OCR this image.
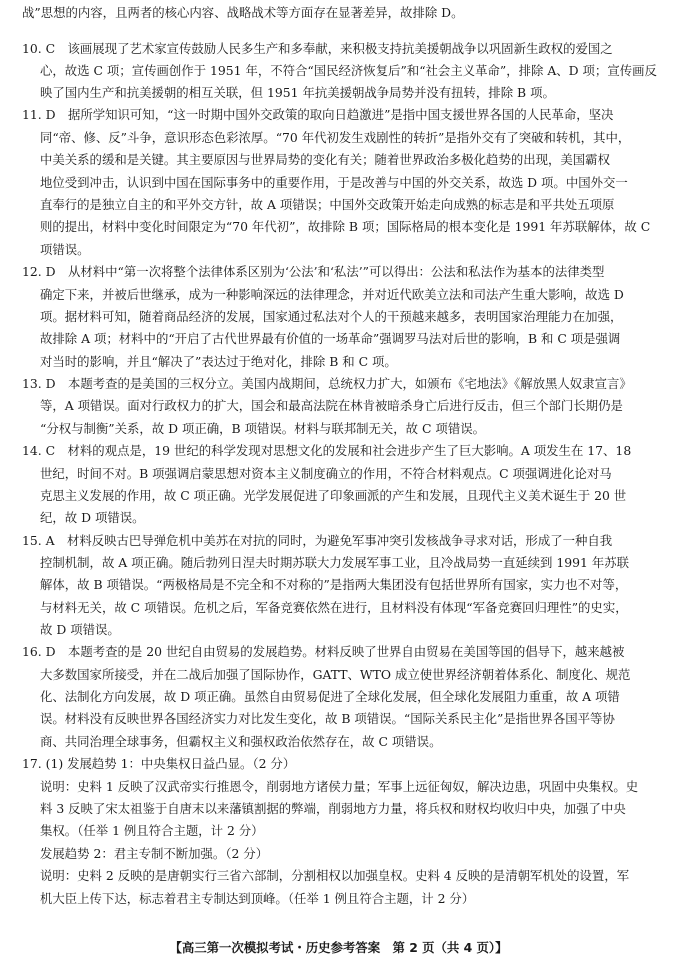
战”思想的内容，且两者的核心内容、战略战术等方面存在显著差异，故排除 D。
10. C　该画展现了艺术家宣传鼓励人民多生产和多奉献，来积极支持抗美援朝战争以巩固新生政权的爱国之
心，故选 C 项；宣传画创作于 1951 年，不符合“国民经济恢复后”和“社会主义革命”，排除 A、D 项；宣传画反
映了国内生产和抗美援朝的相互关联，但 1951 年抗美援朝战争局势并没有扭转，排除 B 项。
11. D　据所学知识可知，“这一时期中国外交政策的取向日趋激进”是指中国支援世界各国的人民革命，坚决
同“帝、修、反”斗争，意识形态色彩浓厚。“70 年代初发生戏剧性的转折”是指外交有了突破和转机，其中，
中美关系的缓和是关键。其主要原因与世界局势的变化有关；随着世界政治多极化趋势的出现，美国霸权
地位受到冲击，认识到中国在国际事务中的重要作用，于是改善与中国的外交关系，故选 D 项。中国外交一
直奉行的是独立自主的和平外交方针，故 A 项错误；中国外交政策开始走向成熟的标志是和平共处五项原
则的提出，材料中变化时间限定为“70 年代初”，故排除 B 项；国际格局的根本变化是 1991 年苏联解体，故 C
项错误。
12. D　从材料中“第一次将整个法律体系区别为‘公法’和‘私法’”可以得出：公法和私法作为基本的法律类型
确定下来，并被后世继承，成为一种影响深远的法律理念，并对近代欧美立法和司法产生重大影响，故选 D
项。据材料可知，随着商品经济的发展，国家通过私法对个人的干预越来越多，表明国家治理能力在加强，
故排除 A 项；材料中的“开启了古代世界最有价值的一场革命”强调罗马法对后世的影响，B 和 C 项是强调
对当时的影响，并且“解决了”表达过于绝对化，排除 B 和 C 项。
13. D　本题考查的是美国的三权分立。美国内战期间，总统权力扩大，如颁布《宅地法》《解放黑人奴隶宣言》
等，A 项错误。面对行政权力的扩大，国会和最高法院在林肯被暗杀身亡后进行反击，但三个部门长期仍是
“分权与制衡”关系，故 D 项正确，B 项错误。材料与联邦制无关，故 C 项错误。
14. C　材料的观点是，19 世纪的科学发现对思想文化的发展和社会进步产生了巨大影响。A 项发生在 17、18
世纪，时间不对。B 项强调启蒙思想对资本主义制度确立的作用，不符合材料观点。C 项强调进化论对马
克思主义发展的作用，故 C 项正确。光学发展促进了印象画派的产生和发展，且现代主义美术诞生于 20 世
纪，故 D 项错误。
15. A　材料反映古巴导弹危机中美苏在对抗的同时，为避免军事冲突引发核战争寻求对话，形成了一种自我
控制机制，故 A 项正确。随后勃列日涅夫时期苏联大力发展军事工业，且冷战局势一直延续到 1991 年苏联
解体，故 B 项错误。“两极格局是不完全和不对称的”是指两大集团没有包括世界所有国家，实力也不对等，
与材料无关，故 C 项错误。危机之后，军备竞赛依然在进行，且材料没有体现“军备竞赛回归理性”的史实，
故 D 项错误。
16. D　本题考查的是 20 世纪自由贸易的发展趋势。材料反映了世界自由贸易在美国等国的倡导下，越来越被
大多数国家所接受，并在二战后加强了国际协作，GATT、WTO 成立使世界经济朝着体系化、制度化、规范
化、法制化方向发展，故 D 项正确。虽然自由贸易促进了全球化发展，但全球化发展阻力重重，故 A 项错
误。材料没有反映世界各国经济实力对比发生变化，故 B 项错误。“国际关系民主化”是指世界各国平等协
商、共同治理全球事务，但霸权主义和强权政治依然存在，故 C 项错误。
17. (1) 发展趋势 1：中央集权日益凸显。（2 分）
说明：史料 1 反映了汉武帝实行推恩令，削弱地方诸侯力量；军事上远征匈奴，解决边患，巩固中央集权。史
料 3 反映了宋太祖鉴于自唐末以来藩镇割据的弊端，削弱地方力量，将兵权和财权均收归中央，加强了中央
集权。（任举 1 例且符合主题，计 2 分）
发展趋势 2：君主专制不断加强。（2 分）
说明：史料 2 反映的是唐朝实行三省六部制，分割相权以加强皇权。史料 4 反映的是清朝军机处的设置，军
机大臣上传下达，标志着君主专制达到顶峰。（任举 1 例且符合主题，计 2 分）
【高三第一次模拟考试・历史参考答案　第 2 页（共 4 页）】
